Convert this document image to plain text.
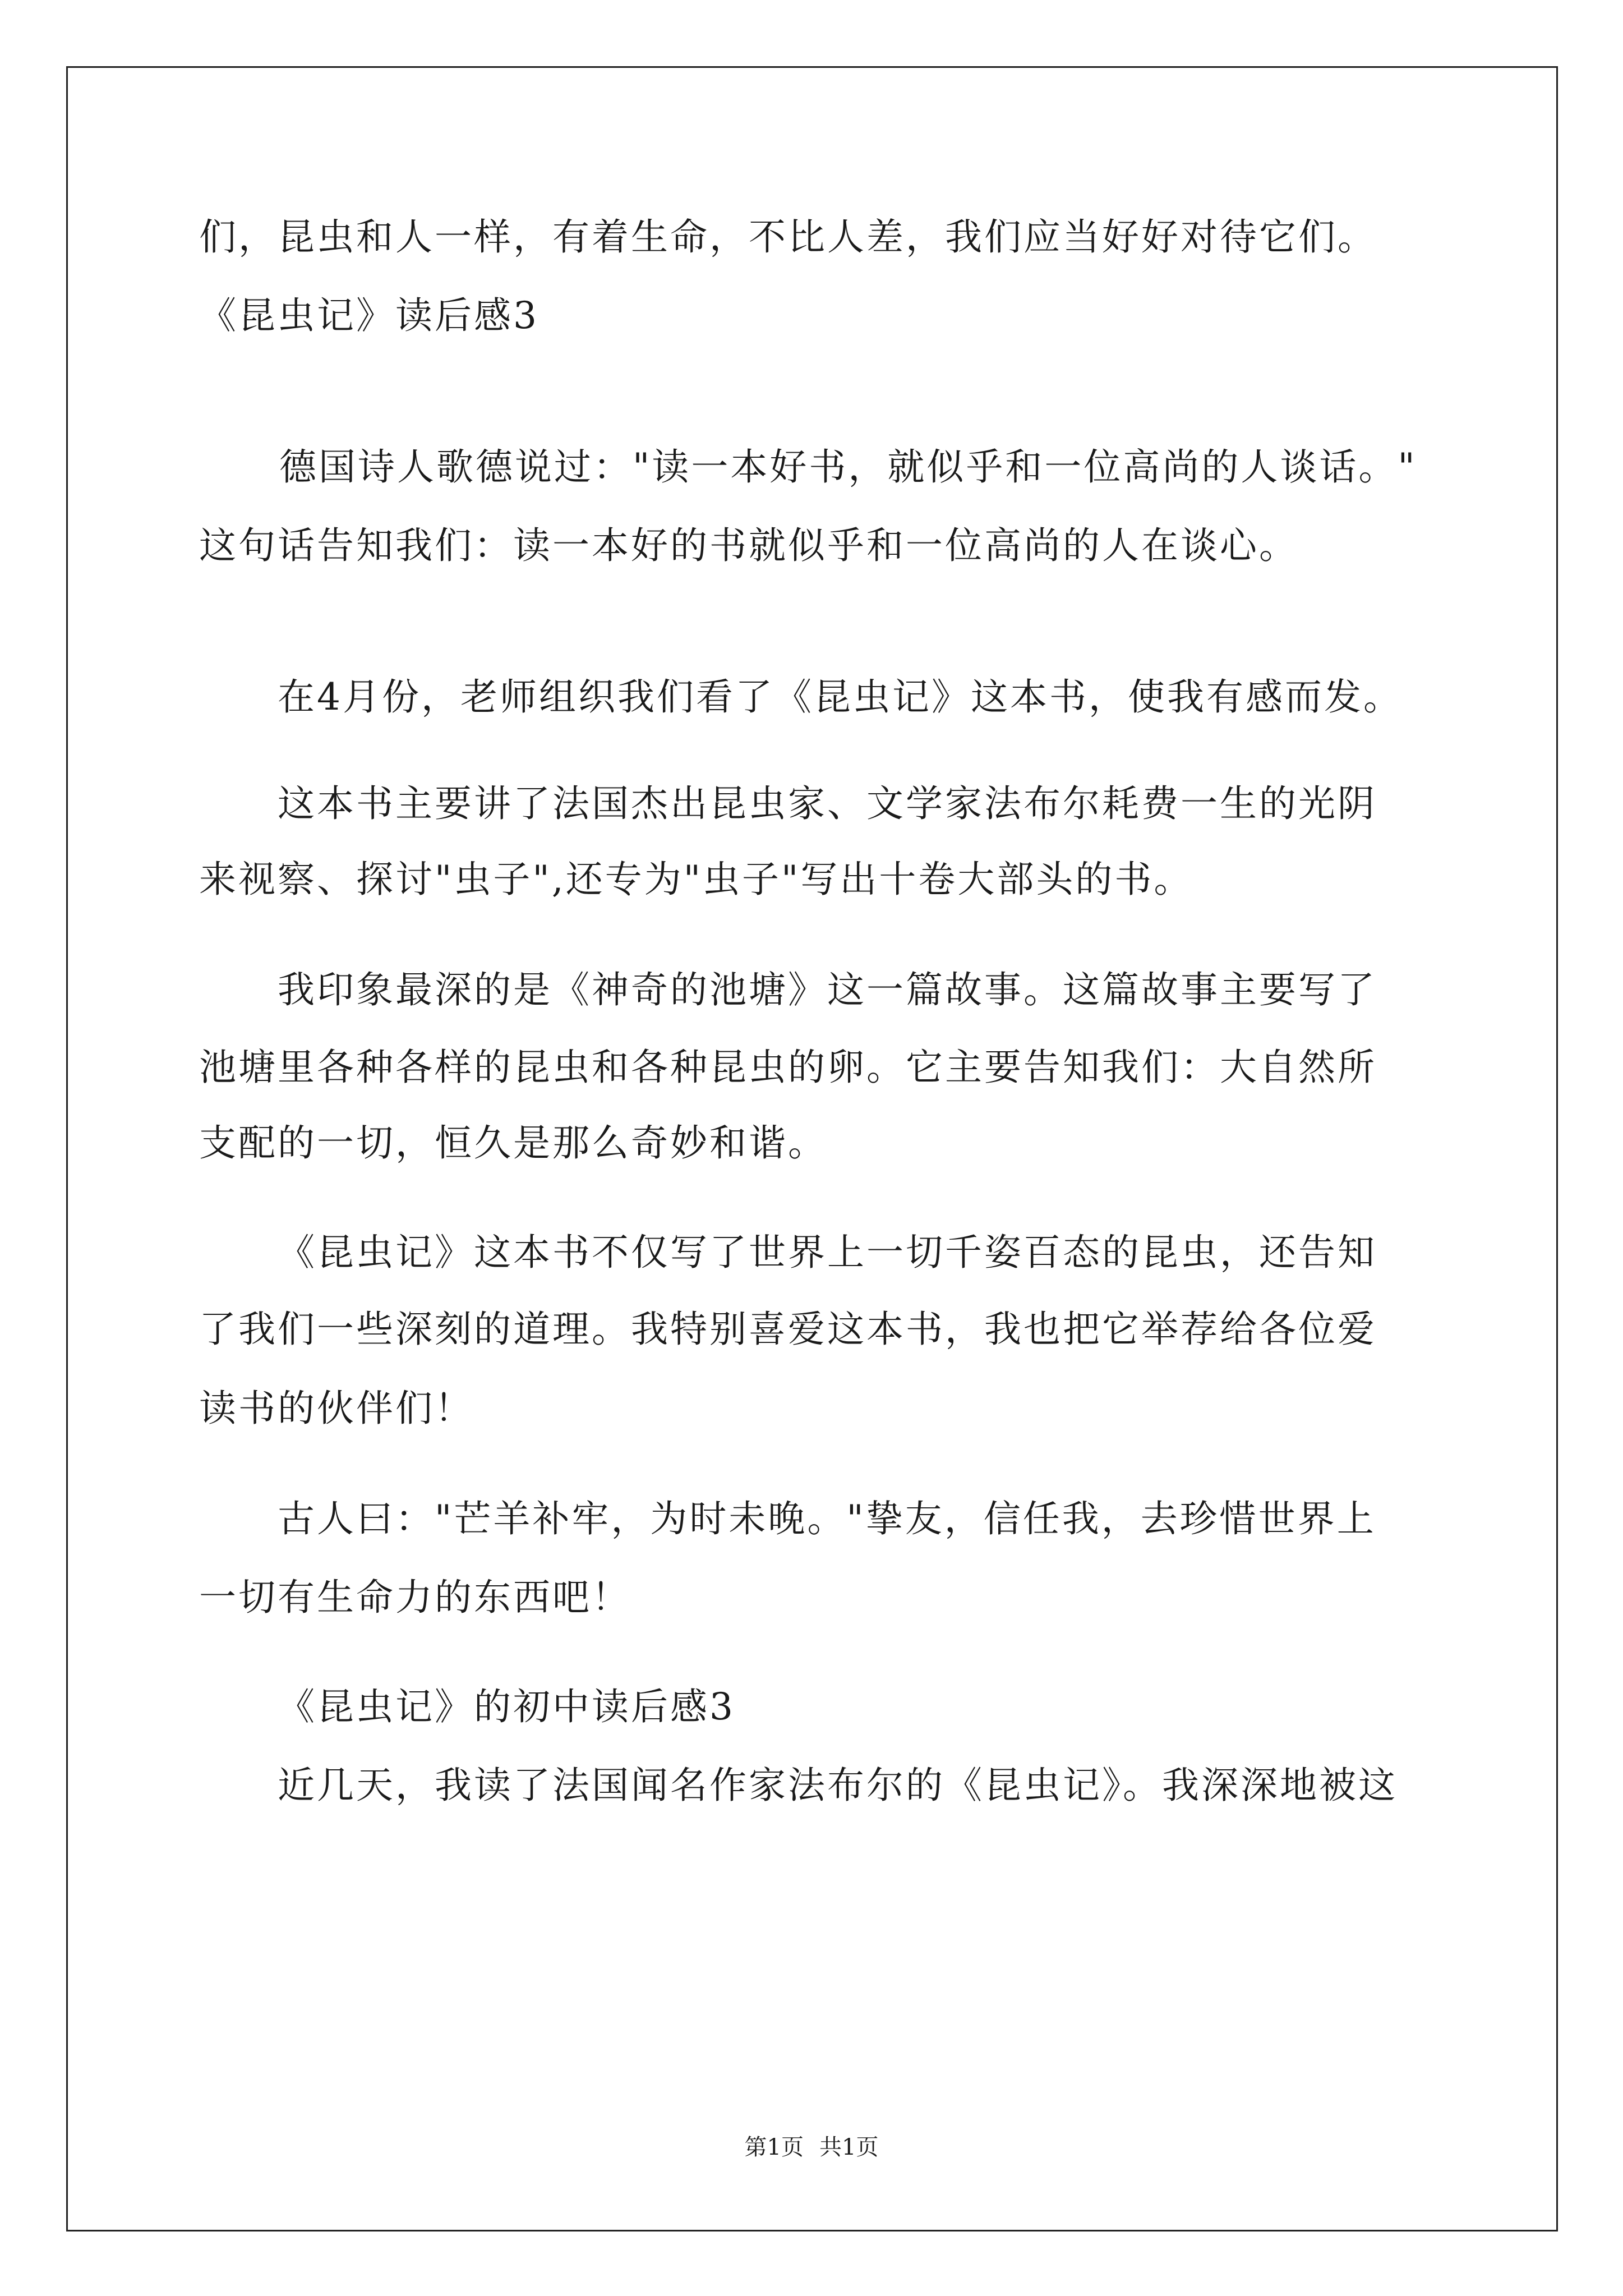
们，昆虫和人一样，有着生命，不比人差，我们应当好好对待它们。
《昆虫记》读后感3
德国诗人歌德说过："读一本好书，就似乎和一位高尚的人谈话。"
这句话告知我们：读一本好的书就似乎和一位高尚的人在谈心。
在4月份，老师组织我们看了《昆虫记》这本书，使我有感而发。
这本书主要讲了法国杰出昆虫家、文学家法布尔耗费一生的光阴
来视察、探讨"虫子",还专为"虫子"写出十卷大部头的书。
我印象最深的是《神奇的池塘》这一篇故事。这篇故事主要写了
池塘里各种各样的昆虫和各种昆虫的卵。它主要告知我们：大自然所
支配的一切，恒久是那么奇妙和谐。
《昆虫记》这本书不仅写了世界上一切千姿百态的昆虫，还告知
了我们一些深刻的道理。我特别喜爱这本书，我也把它举荐给各位爱
读书的伙伴们！
古人曰："芒羊补牢，为时未晚。"挚友，信任我，去珍惜世界上
一切有生命力的东西吧！
《昆虫记》的初中读后感3
近几天，我读了法国闻名作家法布尔的《昆虫记》。我深深地被这
第1页 共1页
